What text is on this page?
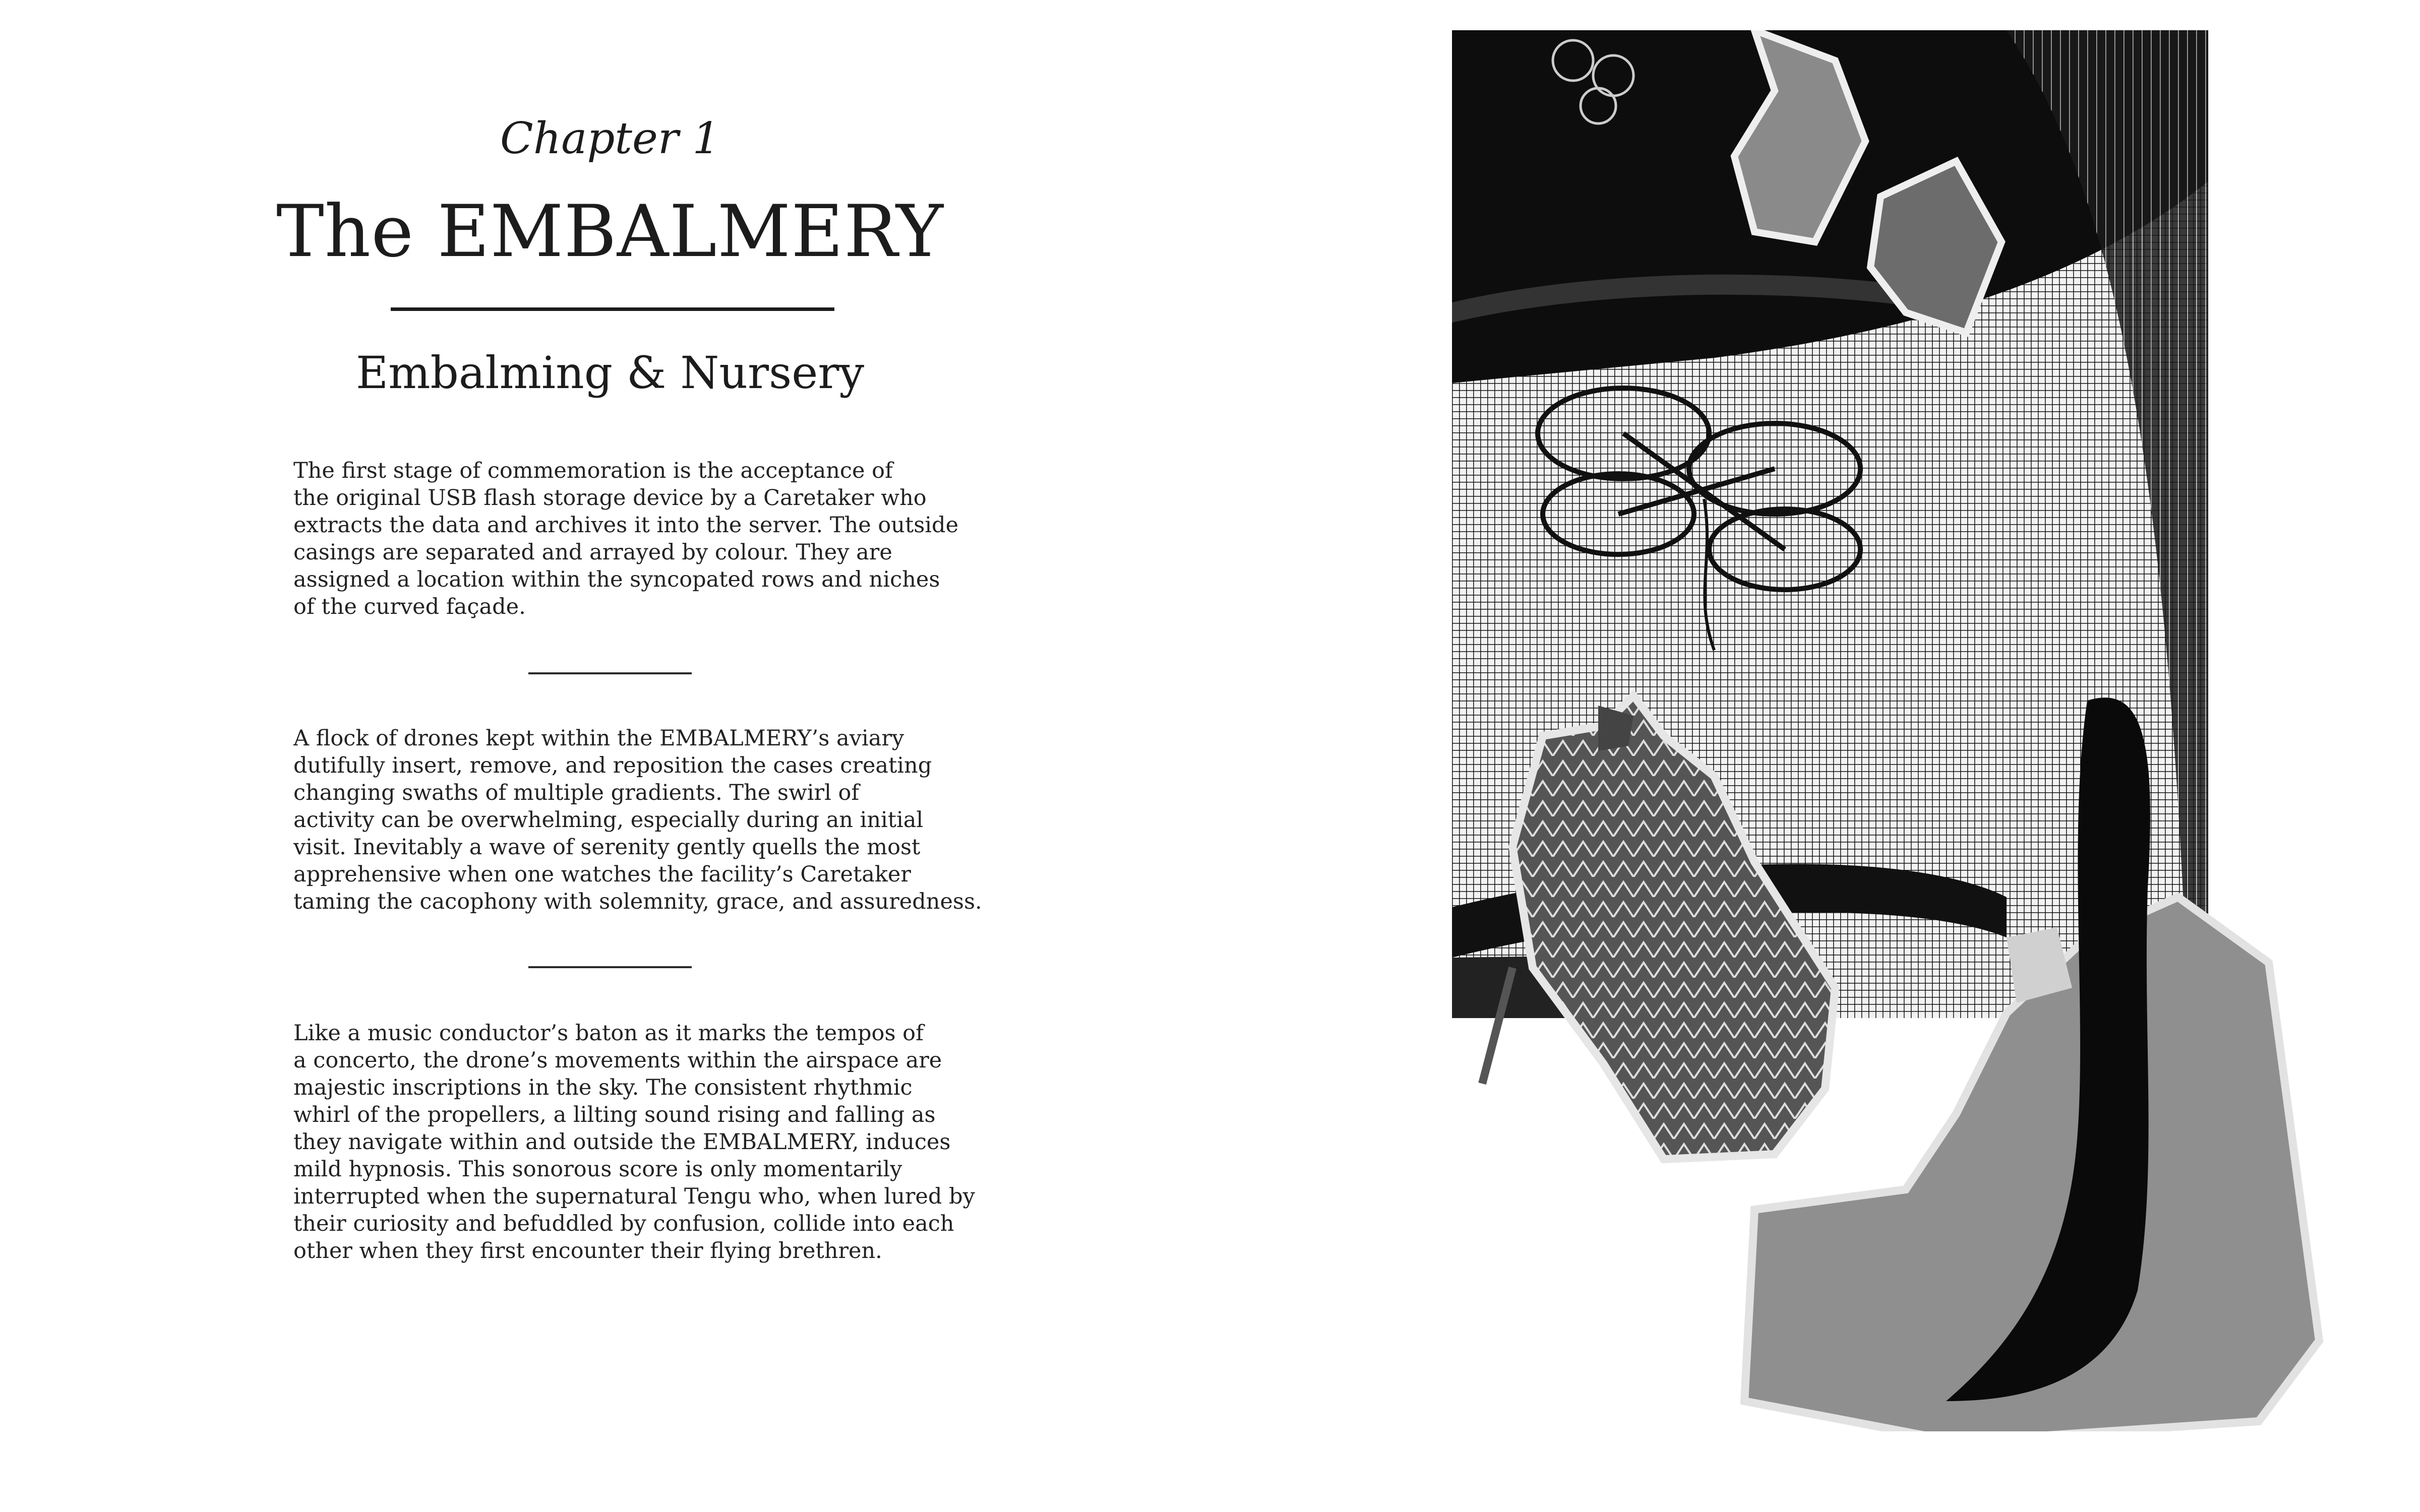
Chapter 1
The EMBALMERY
Embalming & Nursery
The first stage of commemoration is the acceptance of
the original USB flash storage device by a Caretaker who
extracts the data and archives it into the server. The outside
casings are separated and arrayed by colour. They are
assigned a location within the syncopated rows and niches
of the curved façade.
A flock of drones kept within the EMBALMERY’s aviary
dutifully insert, remove, and reposition the cases creating
changing swaths of multiple gradients. The swirl of
activity can be overwhelming, especially during an initial
visit. Inevitably a wave of serenity gently quells the most
apprehensive when one watches the facility’s Caretaker
taming the cacophony with solemnity, grace, and assuredness.
Like a music conductor’s baton as it marks the tempos of
a concerto, the drone’s movements within the airspace are
majestic inscriptions in the sky. The consistent rhythmic
whirl of the propellers, a lilting sound rising and falling as
they navigate within and outside the EMBALMERY, induces
mild hypnosis. This sonorous score is only momentarily
interrupted when the supernatural Tengu who, when lured by
their curiosity and befuddled by confusion, collide into each
other when they first encounter their flying brethren.
